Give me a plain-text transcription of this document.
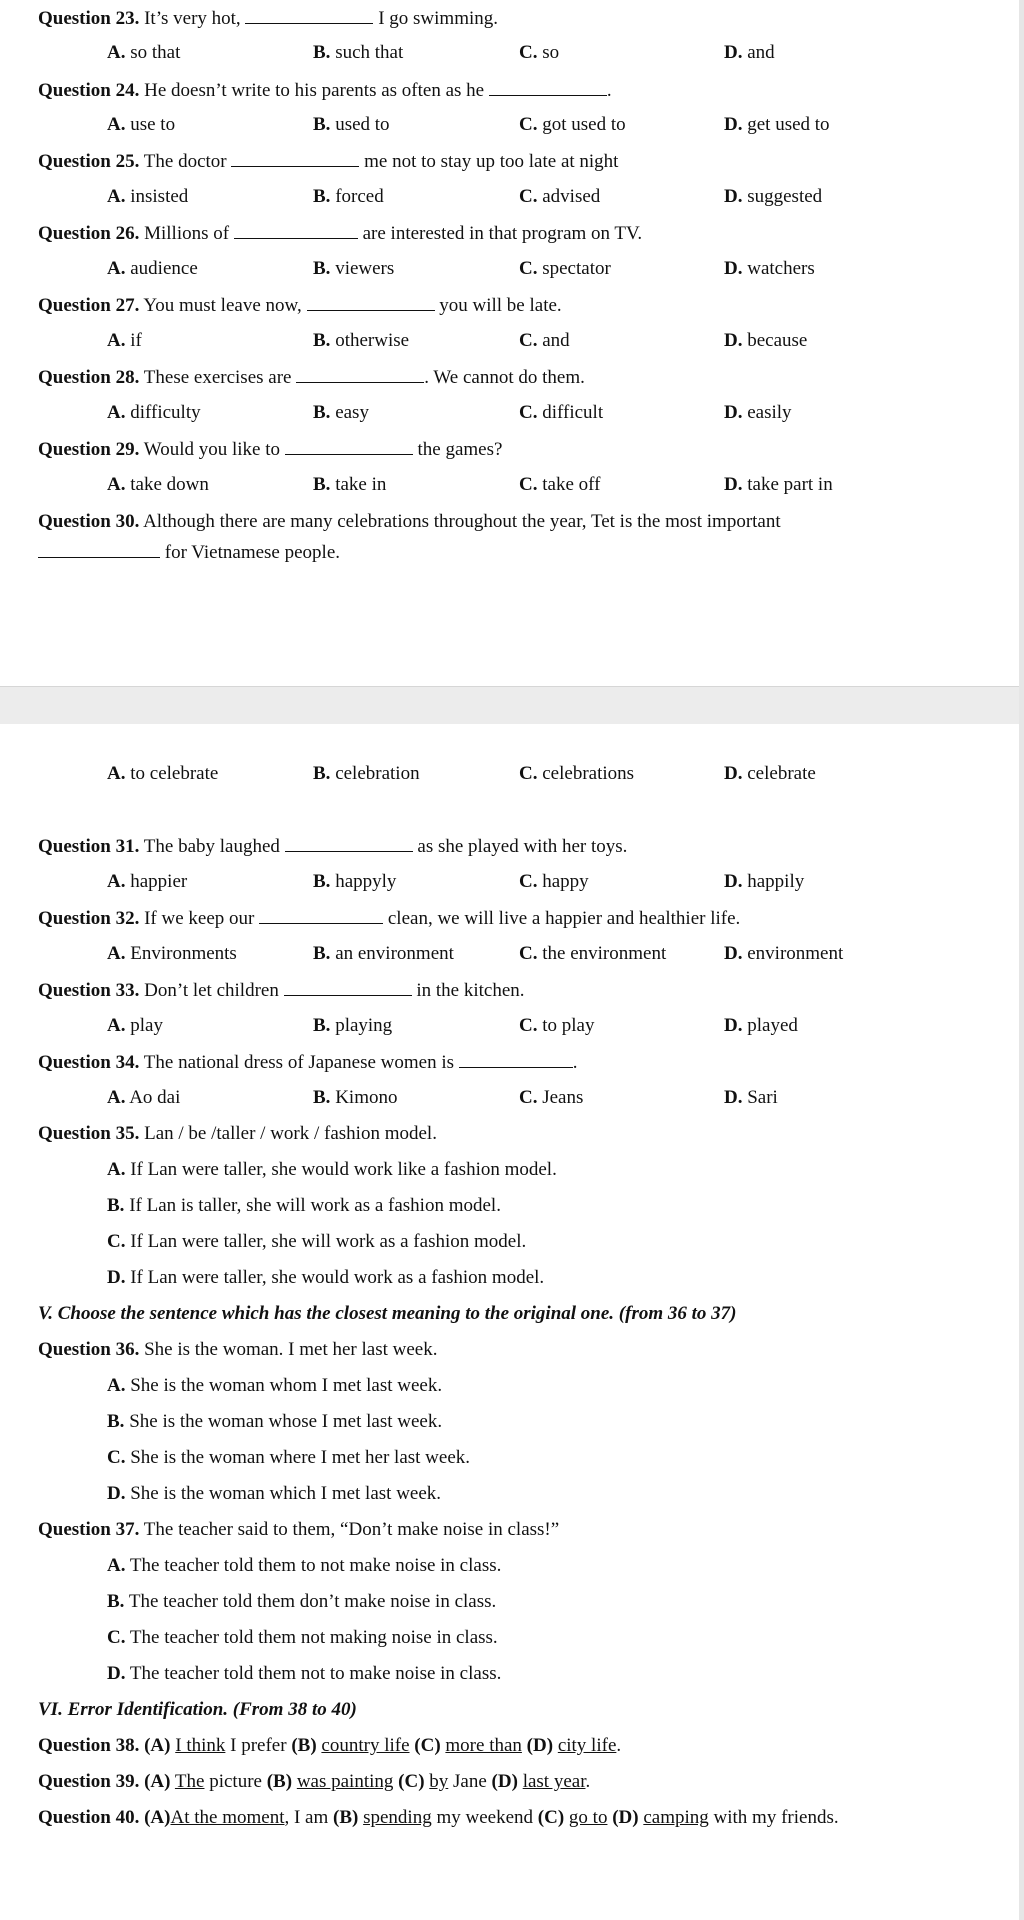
Question 23. It’s very hot,	I go swimming.
A. so that	B. such that	C. so	D. and
Question 24. He doesn’t write to his parents as often as he	.
A. use to	B. used to	C. got used to	D. get used to
Question 25. The doctor	me not to stay up too late at night
A. insisted	B. forced	C. advised	D. suggested
Question 26. Millions of	are interested in that program on TV.
A. audience	B. viewers	C. spectator	D. watchers
Question 27. You must leave now,	you will be late.
A. if	B. otherwise	C. and	D. because
Question 28. These exercises are	. We cannot do them.
A. difficulty	B. easy	C. difficult	D. easily
Question 29. Would you like to	the games?
A. take down	B. take in	C. take off	D. take part in
Question 30. Although there are many celebrations throughout the year, Tet is the most important
for Vietnamese people.
A. to celebrate	B. celebration	C. celebrations	D. celebrate
Question 31. The baby laughed	as she played with her toys.
A. happier	B. happyly	C. happy	D. happily
Question 32. If we keep our	clean, we will live a happier and healthier life.
A. Environments	B. an environment	C. the environment	D. environment
Question 33. Don’t let children	in the kitchen.
A. play	B. playing	C. to play	D. played
Question 34. The national dress of Japanese women is	.
A. Ao dai	B. Kimono	C. Jeans	D. Sari
Question 35. Lan / be /taller / work / fashion model.
A. If Lan were taller, she would work like a fashion model.
B. If Lan is taller, she will work as a fashion model.
C. If Lan were taller, she will work as a fashion model.
D. If Lan were taller, she would work as a fashion model.
V. Choose the sentence which has the closest meaning to the original one. (from 36 to 37)
Question 36. She is the woman. I met her last week.
A. She is the woman whom I met last week.
B. She is the woman whose I met last week.
C. She is the woman where I met her last week.
D. She is the woman which I met last week.
Question 37. The teacher said to them, “Don’t make noise in class!”
A. The teacher told them to not make noise in class.
B. The teacher told them don’t make noise in class.
C. The teacher told them not making noise in class.
D. The teacher told them not to make noise in class.
VI. Error Identification. (From 38 to 40)
Question 38. (A) I think I prefer (B) country life (C) more than (D) city life.
Question 39. (A) The picture (B) was painting (C) by Jane (D) last year.
Question 40. (A)At the moment, I am (B) spending my weekend (C) go to (D) camping with my friends.
